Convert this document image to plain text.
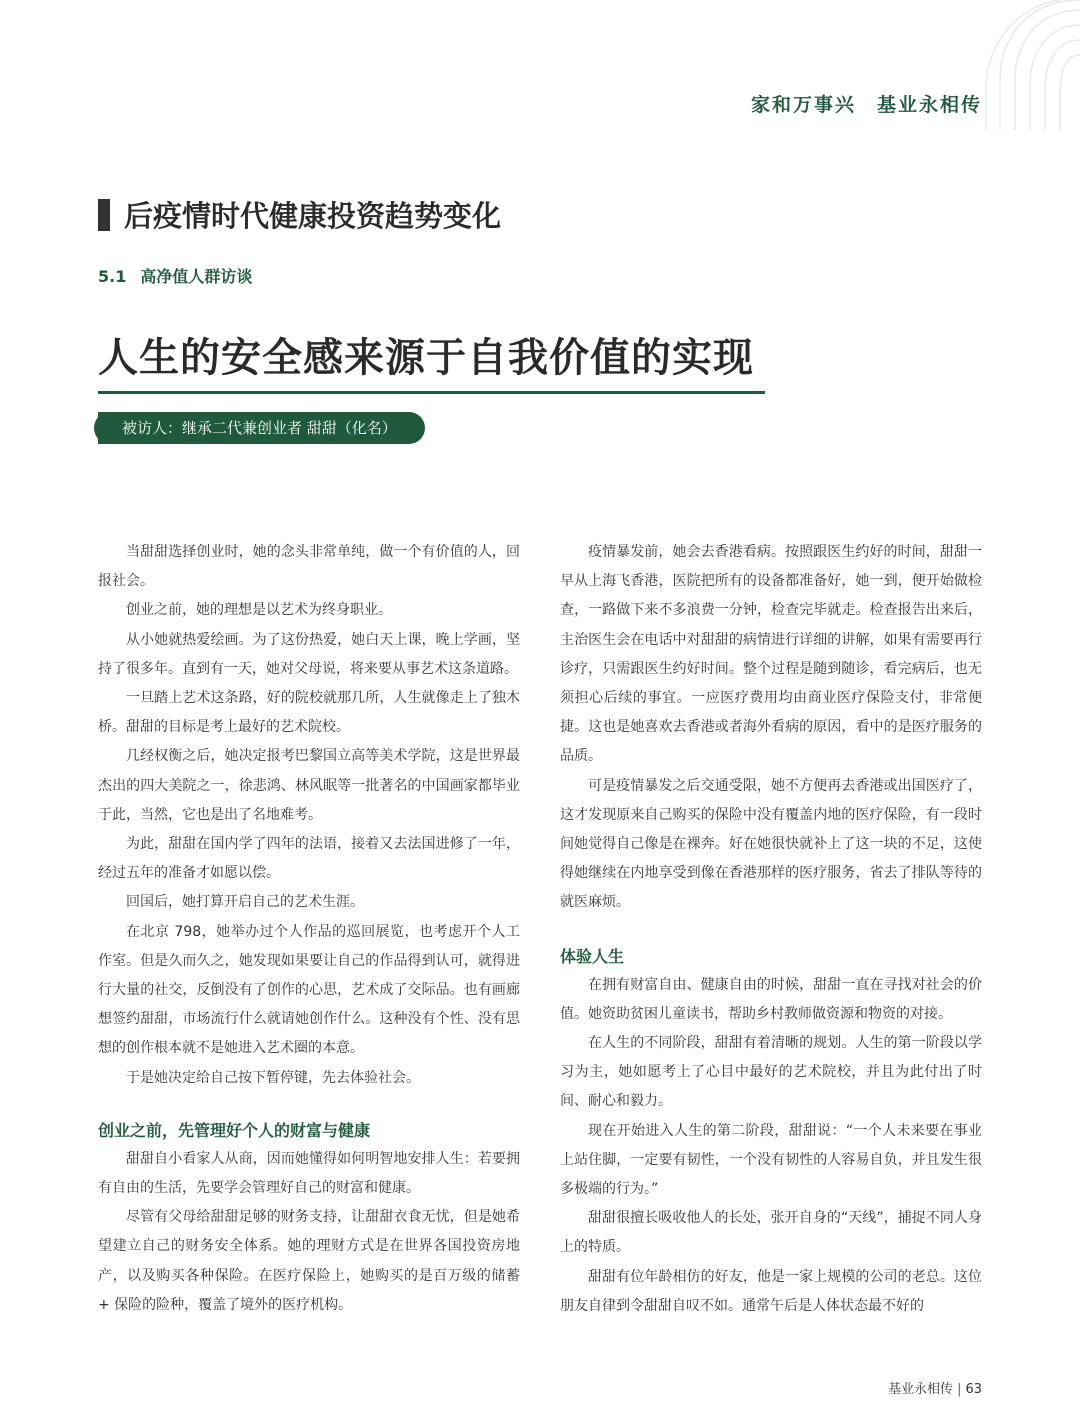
家和万事兴　基业永相传
后疫情时代健康投资趋势变化
5.1 高净值人群访谈
人生的安全感来源于自我价值的实现
被访人：继承二代兼创业者 甜甜（化名）

当甜甜选择创业时，她的念头非常单纯，做一个有价值的人，回报社会。

创业之前，她的理想是以艺术为终身职业。

从小她就热爱绘画。为了这份热爱，她白天上课，晚上学画，坚持了很多年。直到有一天，她对父母说，将来要从事艺术这条道路。

一旦踏上艺术这条路，好的院校就那几所，人生就像走上了独木桥。甜甜的目标是考上最好的艺术院校。

几经权衡之后，她决定报考巴黎国立高等美术学院，这是世界最杰出的四大美院之一，徐悲鸿、林风眠等一批著名的中国画家都毕业于此，当然，它也是出了名地难考。

为此，甜甜在国内学了四年的法语，接着又去法国进修了一年，经过五年的准备才如愿以偿。

回国后，她打算开启自己的艺术生涯。

在北京 798，她举办过个人作品的巡回展览，也考虑开个人工作室。但是久而久之，她发现如果要让自己的作品得到认可，就得进行大量的社交，反倒没有了创作的心思，艺术成了交际品。也有画廊想签约甜甜，市场流行什么就请她创作什么。这种没有个性、没有思想的创作根本就不是她进入艺术圈的本意。

于是她决定给自己按下暂停键，先去体验社会。

创业之前，先管理好个人的财富与健康

甜甜自小看家人从商，因而她懂得如何明智地安排人生：若要拥有自由的生活，先要学会管理好自己的财富和健康。

尽管有父母给甜甜足够的财务支持，让甜甜衣食无忧，但是她希望建立自己的财务安全体系。她的理财方式是在世界各国投资房地产，以及购买各种保险。在医疗保险上，她购买的是百万级的储蓄 + 保险的险种，覆盖了境外的医疗机构。

疫情暴发前，她会去香港看病。按照跟医生约好的时间，甜甜一早从上海飞香港，医院把所有的设备都准备好，她一到，便开始做检查，一路做下来不多浪费一分钟，检查完毕就走。检查报告出来后，主治医生会在电话中对甜甜的病情进行详细的讲解，如果有需要再行诊疗，只需跟医生约好时间。整个过程是随到随诊，看完病后，也无须担心后续的事宜。一应医疗费用均由商业医疗保险支付，非常便捷。这也是她喜欢去香港或者海外看病的原因，看中的是医疗服务的品质。

可是疫情暴发之后交通受限，她不方便再去香港或出国医疗了，这才发现原来自己购买的保险中没有覆盖内地的医疗保险，有一段时间她觉得自己像是在裸奔。好在她很快就补上了这一块的不足，这使得她继续在内地享受到像在香港那样的医疗服务，省去了排队等待的就医麻烦。

体验人生

在拥有财富自由、健康自由的时候，甜甜一直在寻找对社会的价值。她资助贫困儿童读书，帮助乡村教师做资源和物资的对接。

在人生的不同阶段，甜甜有着清晰的规划。人生的第一阶段以学习为主，她如愿考上了心目中最好的艺术院校，并且为此付出了时间、耐心和毅力。

现在开始进入人生的第二阶段，甜甜说：“一个人未来要在事业上站住脚，一定要有韧性，一个没有韧性的人容易自负，并且发生很多极端的行为。”

甜甜很擅长吸收他人的长处，张开自身的“天线”，捕捉不同人身上的特质。

甜甜有位年龄相仿的好友，他是一家上规模的公司的老总。这位朋友自律到令甜甜自叹不如。通常午后是人体状态最不好的

基业永相传 | 63
